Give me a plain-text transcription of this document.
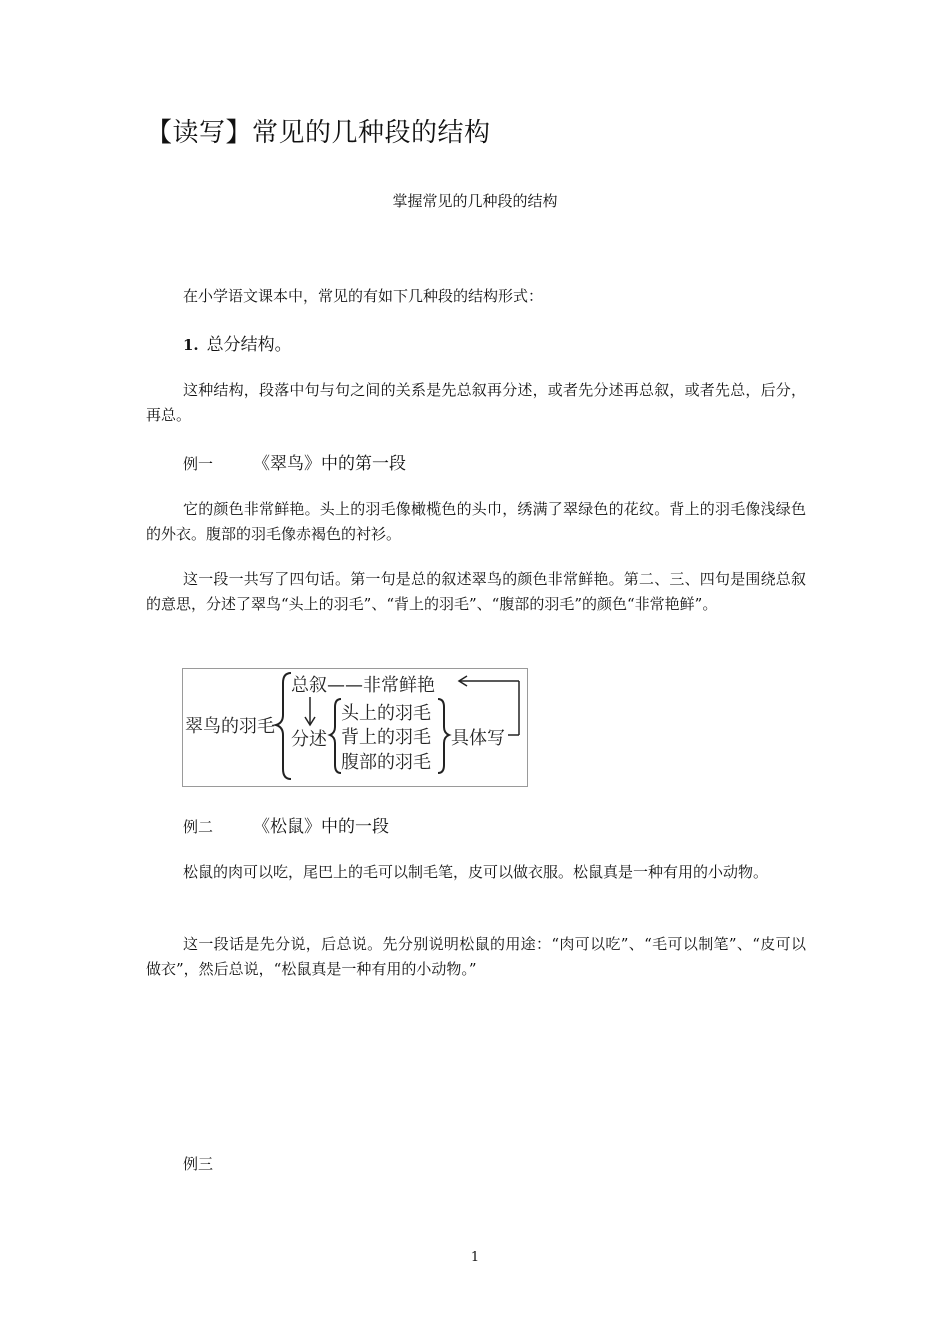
【读写】常见的几种段的结构
掌握常见的几种段的结构
在小学语文课本中，常见的有如下几种段的结构形式：
1. 总分结构。
这种结构，段落中句与句之间的关系是先总叙再分述，或者先分述再总叙，或者先总，后分，再总。
例一 《翠鸟》中的第一段
它的颜色非常鲜艳。头上的羽毛像橄榄色的头巾，绣满了翠绿色的花纹。背上的羽毛像浅绿色的外衣。腹部的羽毛像赤褐色的衬衫。
这一段一共写了四句话。第一句是总的叙述翠鸟的颜色非常鲜艳。第二、三、四句是围绕总叙的意思，分述了翠鸟“头上的羽毛”、“背上的羽毛”、“腹部的羽毛”的颜色“非常艳鲜”。
翠鸟的羽毛
总叙——非常鲜艳
分述
头上的羽毛
背上的羽毛
腹部的羽毛
具体写
例二 《松鼠》中的一段
松鼠的肉可以吃，尾巴上的毛可以制毛笔，皮可以做衣服。松鼠真是一种有用的小动物。
这一段话是先分说，后总说。先分别说明松鼠的用途：“肉可以吃”、“毛可以制笔”、“皮可以做衣”，然后总说，“松鼠真是一种有用的小动物。”
例三
1
